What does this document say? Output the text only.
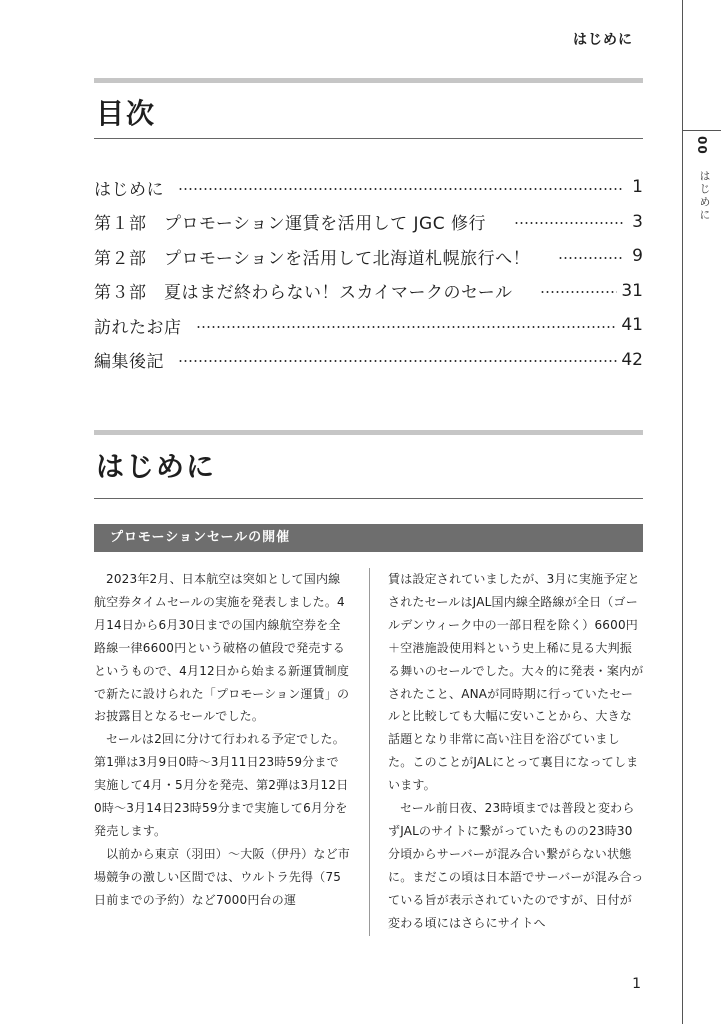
はじめに
00
はじめに
目次
はじめに	1
第１部　プロモーション運賃を活用して JGC 修行	3
第２部　プロモーションを活用して北海道札幌旅行へ！	9
第３部　夏はまだ終わらない！スカイマークのセール	31
訪れたお店	41
編集後記	42
はじめに
プロモーションセールの開催

2023年2月、日本航空は突如として国内線航空券タイムセールの実施を発表しました。4月14日から6月30日までの国内線航空券を全路線一律6600円という破格の値段で発売するというもので、4月12日から始まる新運賃制度で新たに設けられた「プロモーション運賃」のお披露目となるセールでした。

セールは2回に分けて行われる予定でした。第1弾は3月9日0時〜3月11日23時59分まで実施して4月・5月分を発売、第2弾は3月12日0時〜3月14日23時59分まで実施して6月分を発売します。

以前から東京（羽田）〜大阪（伊丹）など市場競争の激しい区間では、ウルトラ先得（75日前までの予約）など7000円台の運

賃は設定されていましたが、3月に実施予定とされたセールはJAL国内線全路線が全日（ゴールデンウィーク中の一部日程を除く）6600円＋空港施設使用料という史上稀に見る大判振る舞いのセールでした。大々的に発表・案内がされたこと、ANAが同時期に行っていたセールと比較しても大幅に安いことから、大きな話題となり非常に高い注目を浴びていました。このことがJALにとって裏目になってしまいます。

セール前日夜、23時頃までは普段と変わらずJALのサイトに繋がっていたものの23時30分頃からサーバーが混み合い繋がらない状態に。まだこの頃は日本語でサーバーが混み合っている旨が表示されていたのですが、日付が変わる頃にはさらにサイトへ

1
